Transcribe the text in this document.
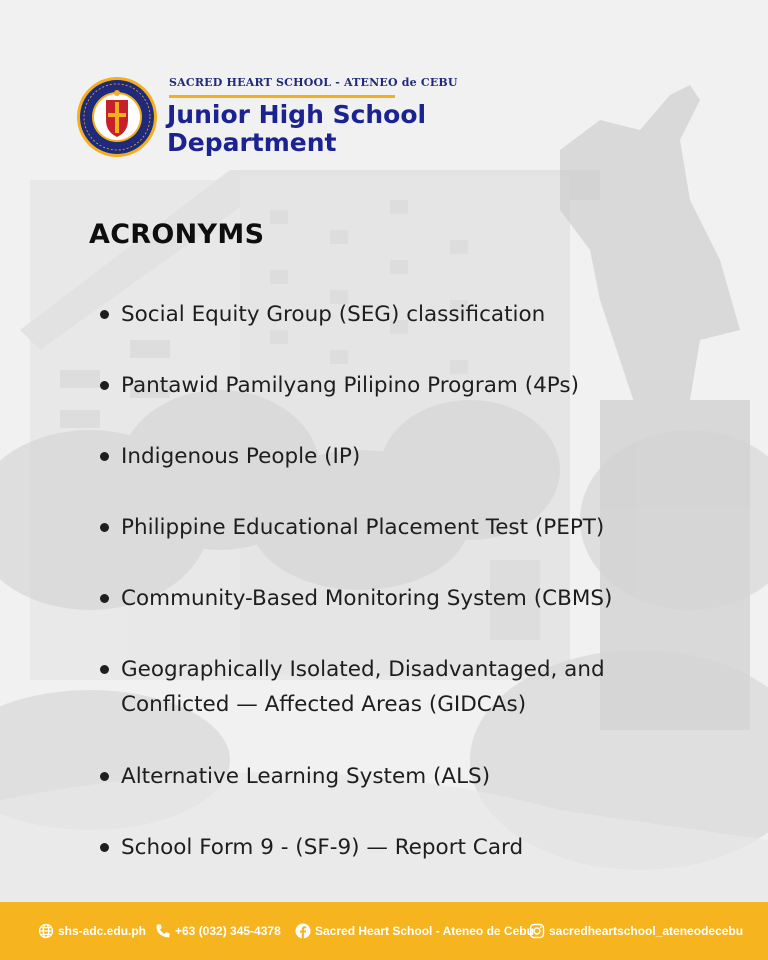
SACRED HEART SCHOOL - ATENEO de CEBU
Junior High School
Department
ACRONYMS
Social Equity Group (SEG) classification
Pantawid Pamilyang Pilipino Program (4Ps)
Indigenous People (IP)
Philippine Educational Placement Test (PEPT)
Community-Based Monitoring System (CBMS)
Geographically Isolated, Disadvantaged, and
Conflicted — Affected Areas (GIDCAs)
Alternative Learning System (ALS)
School Form 9 - (SF-9) — Report Card
shs-adc.edu.ph +63 (032) 345-4378	Sacred Heart School - Ateneo de Cebu sacredheartschool_ateneodecebu
